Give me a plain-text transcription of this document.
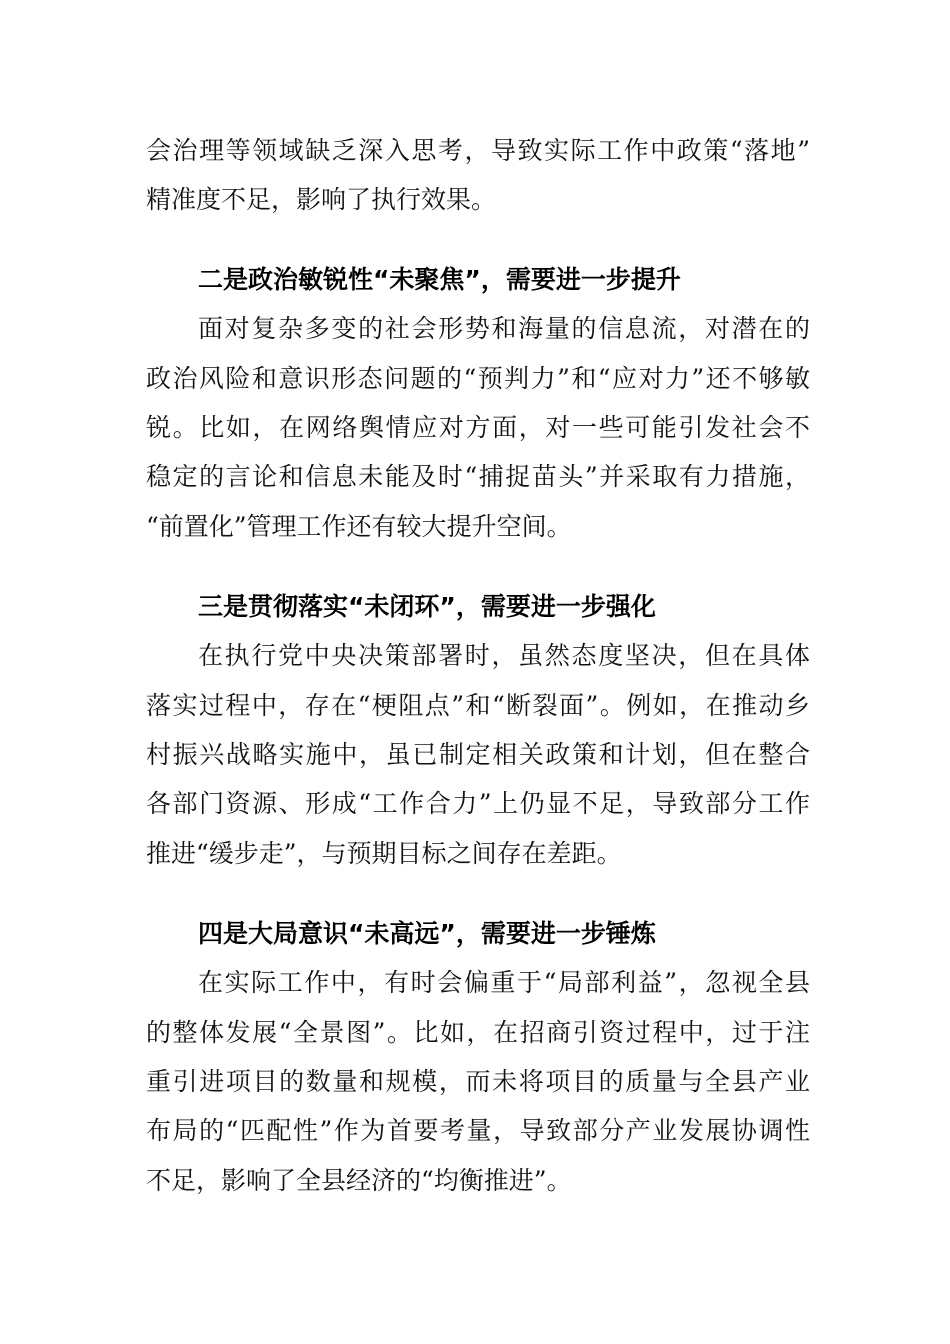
会治理等领域缺乏深入思考，导致实际工作中政策“落地”
精准度不足，影响了执行效果。
二是政治敏锐性“未聚焦”，需要进一步提升
面对复杂多变的社会形势和海量的信息流，对潜在的
政治风险和意识形态问题的“预判力”和“应对力”还不够敏
锐。比如，在网络舆情应对方面，对一些可能引发社会不
稳定的言论和信息未能及时“捕捉苗头”并采取有力措施，
“前置化”管理工作还有较大提升空间。
三是贯彻落实“未闭环”，需要进一步强化
在执行党中央决策部署时，虽然态度坚决，但在具体
落实过程中，存在“梗阻点”和“断裂面”。例如，在推动乡
村振兴战略实施中，虽已制定相关政策和计划，但在整合
各部门资源、形成“工作合力”上仍显不足，导致部分工作
推进“缓步走”，与预期目标之间存在差距。
四是大局意识“未高远”，需要进一步锤炼
在实际工作中，有时会偏重于“局部利益”，忽视全县
的整体发展“全景图”。比如，在招商引资过程中，过于注
重引进项目的数量和规模，而未将项目的质量与全县产业
布局的“匹配性”作为首要考量，导致部分产业发展协调性
不足，影响了全县经济的“均衡推进”。
